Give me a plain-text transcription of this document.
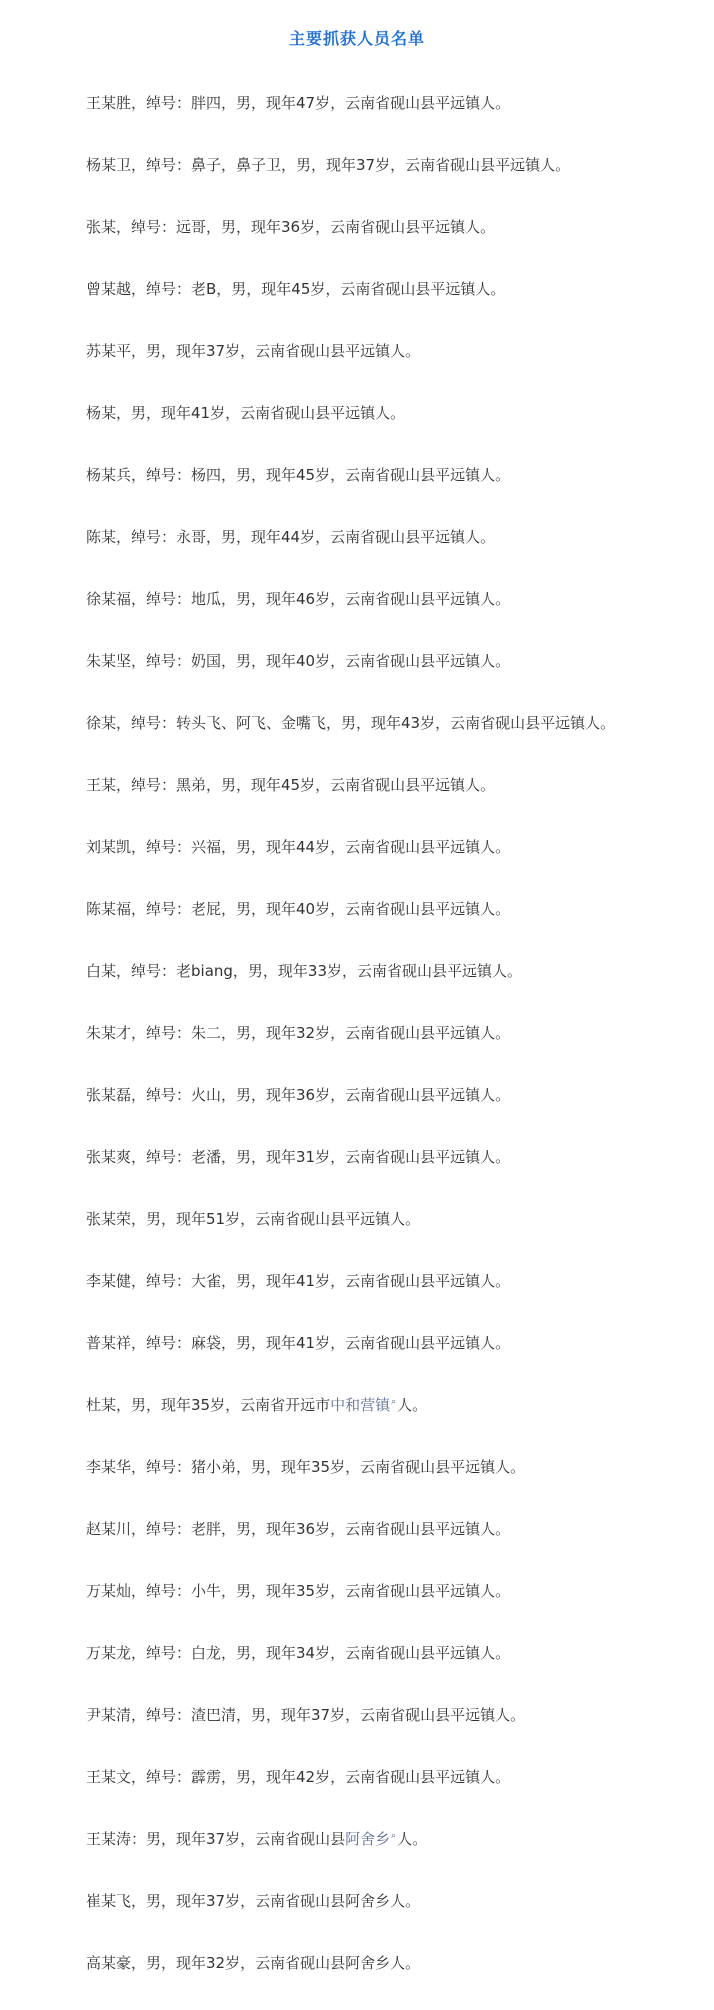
主要抓获人员名单
王某胜，绰号：胖四，男，现年47岁，云南省砚山县平远镇人。
杨某卫，绰号：鼻子，鼻子卫，男，现年37岁，云南省砚山县平远镇人。
张某，绰号：远哥，男，现年36岁，云南省砚山县平远镇人。
曾某越，绰号：老B，男，现年45岁，云南省砚山县平远镇人。
苏某平，男，现年37岁，云南省砚山县平远镇人。
杨某，男，现年41岁，云南省砚山县平远镇人。
杨某兵，绰号：杨四，男，现年45岁，云南省砚山县平远镇人。
陈某，绰号：永哥，男，现年44岁，云南省砚山县平远镇人。
徐某福，绰号：地瓜，男，现年46岁，云南省砚山县平远镇人。
朱某坚，绰号：奶国，男，现年40岁，云南省砚山县平远镇人。
徐某，绰号：转头飞、阿飞、金嘴飞，男，现年43岁，云南省砚山县平远镇人。
王某，绰号：黑弟，男，现年45岁，云南省砚山县平远镇人。
刘某凯，绰号：兴福，男，现年44岁，云南省砚山县平远镇人。
陈某福，绰号：老屁，男，现年40岁，云南省砚山县平远镇人。
白某，绰号：老biang，男，现年33岁，云南省砚山县平远镇人。
朱某才，绰号：朱二，男，现年32岁，云南省砚山县平远镇人。
张某磊，绰号：火山，男，现年36岁，云南省砚山县平远镇人。
张某爽，绰号：老潘，男，现年31岁，云南省砚山县平远镇人。
张某荣，男，现年51岁，云南省砚山县平远镇人。
李某健，绰号：大雀，男，现年41岁，云南省砚山县平远镇人。
普某祥，绰号：麻袋，男，现年41岁，云南省砚山县平远镇人。
杜某，男，现年35岁，云南省开远市中和营镇⌕人。
李某华，绰号：猪小弟，男，现年35岁，云南省砚山县平远镇人。
赵某川，绰号：老胖，男，现年36岁，云南省砚山县平远镇人。
万某灿，绰号：小牛，男，现年35岁，云南省砚山县平远镇人。
万某龙，绰号：白龙，男，现年34岁，云南省砚山县平远镇人。
尹某清，绰号：渣巴清，男，现年37岁，云南省砚山县平远镇人。
王某文，绰号：霹雳，男，现年42岁，云南省砚山县平远镇人。
王某涛：男，现年37岁，云南省砚山县阿舍乡⌕人。
崔某飞，男，现年37岁，云南省砚山县阿舍乡人。
高某豪，男，现年32岁，云南省砚山县阿舍乡人。
